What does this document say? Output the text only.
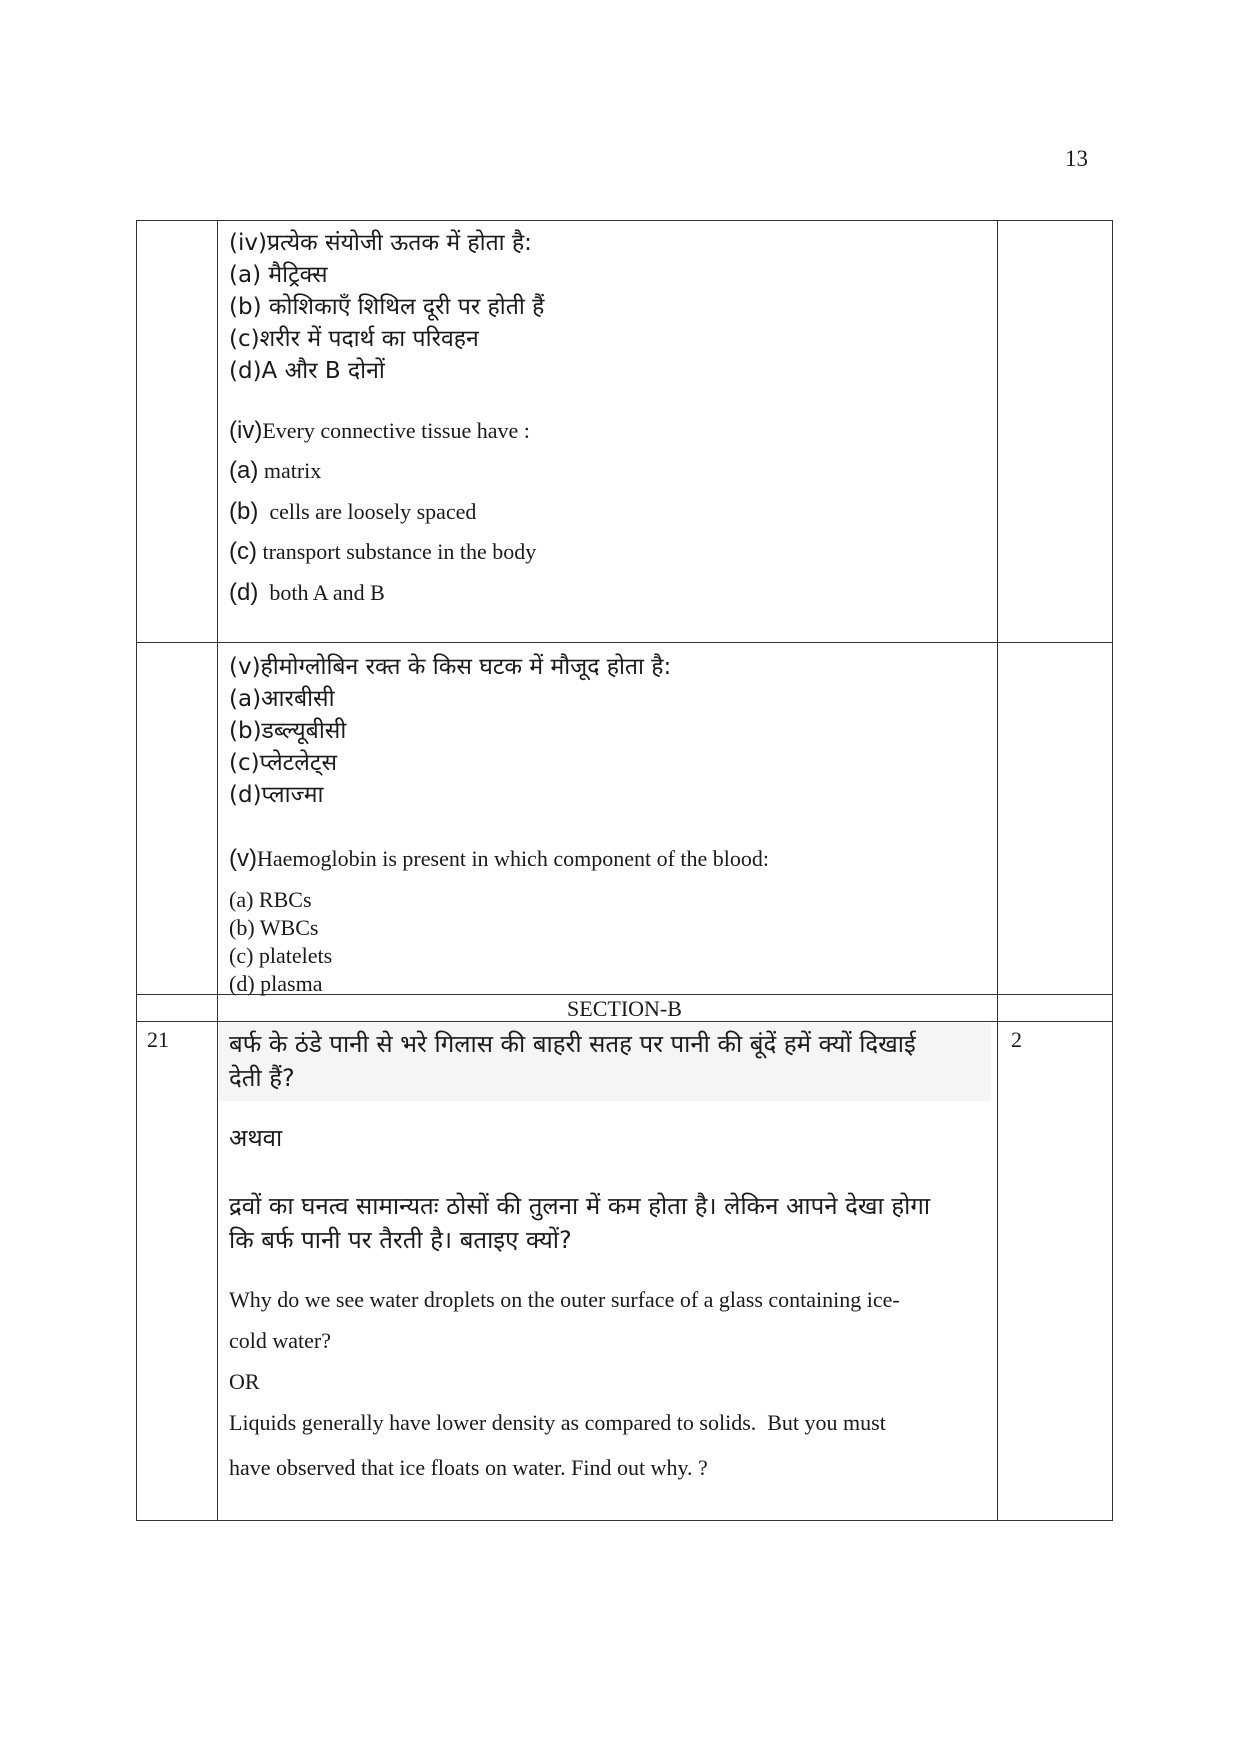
13
(iv)प्रत्येक संयोजी ऊतक में होता है:
(a) मैट्रिक्स
(b) कोशिकाएँ शिथिल दूरी पर होती हैं
(c)शरीर में पदार्थ का परिवहन
(d)A और B दोनों
(iv)Every connective tissue have :
(a) matrix
(b)  cells are loosely spaced
(c) transport substance in the body
(d)  both A and B
(v)हीमोग्लोबिन रक्त के किस घटक में मौजूद होता है:
(a)आरबीसी
(b)डब्ल्यूबीसी
(c)प्लेटलेट्स
(d)प्लाज्मा
(v)Haemoglobin is present in which component of the blood:
(a) RBCs
(b) WBCs
(c) platelets
(d) plasma
SECTION-B
21	2
बर्फ के ठंडे पानी से भरे गिलास की बाहरी सतह पर पानी की बूंदें हमें क्यों दिखाई
देती हैं?
अथवा
द्रवों का घनत्व सामान्यतः ठोसों की तुलना में कम होता है। लेकिन आपने देखा होगा
कि बर्फ पानी पर तैरती है। बताइए क्यों?
Why do we see water droplets on the outer surface of a glass containing ice-
cold water?
OR
Liquids generally have lower density as compared to solids.  But you must
have observed that ice floats on water. Find out why. ?
